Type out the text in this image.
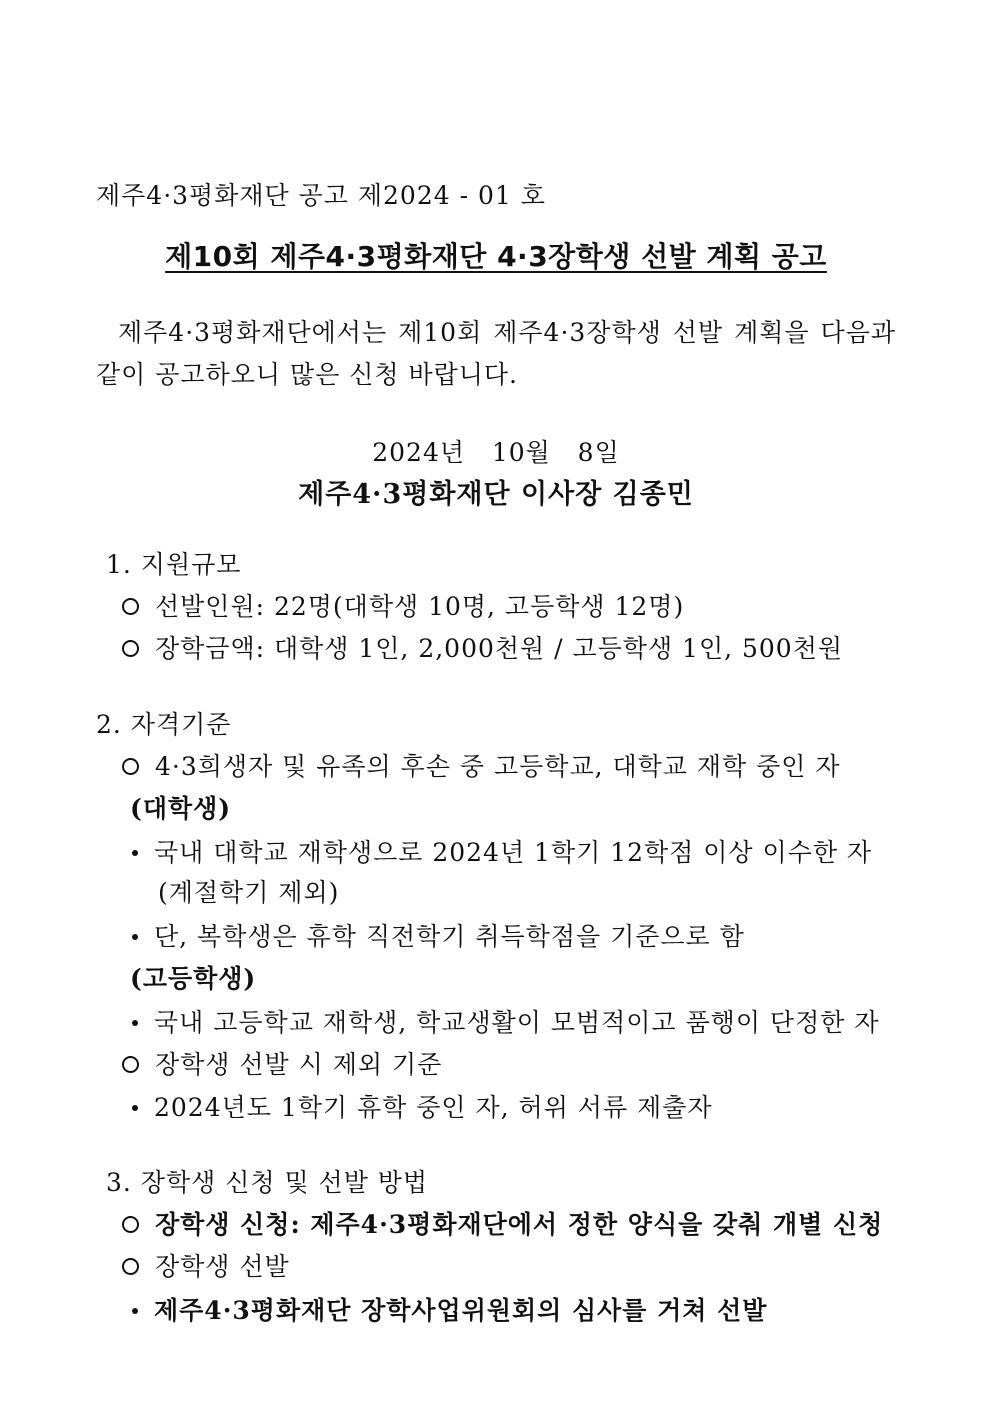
제주4·3평화재단 공고 제2024 - 01 호
제10회 제주4·3평화재단 4·3장학생 선발 계획 공고
제주4·3평화재단에서는 제10회 제주4·3장학생 선발 계획을 다음과
같이 공고하오니 많은 신청 바랍니다.
2024년   10월   8일
제주4·3평화재단 이사장 김종민
1. 지원규모
선발인원: 22명(대학생 10명, 고등학생 12명)
장학금액: 대학생 1인, 2,000천원 / 고등학생 1인, 500천원
2. 자격기준
4·3희생자 및 유족의 후손 중 고등학교, 대학교 재학 중인 자
(대학생)
국내 대학교 재학생으로 2024년 1학기 12학점 이상 이수한 자
(계절학기 제외)
단, 복학생은 휴학 직전학기 취득학점을 기준으로 함
(고등학생)
국내 고등학교 재학생, 학교생활이 모범적이고 품행이 단정한 자
장학생 선발 시 제외 기준
2024년도 1학기 휴학 중인 자, 허위 서류 제출자
3. 장학생 신청 및 선발 방법
장학생 신청: 제주4·3평화재단에서 정한 양식을 갖춰 개별 신청
장학생 선발
제주4·3평화재단 장학사업위원회의 심사를 거쳐 선발
